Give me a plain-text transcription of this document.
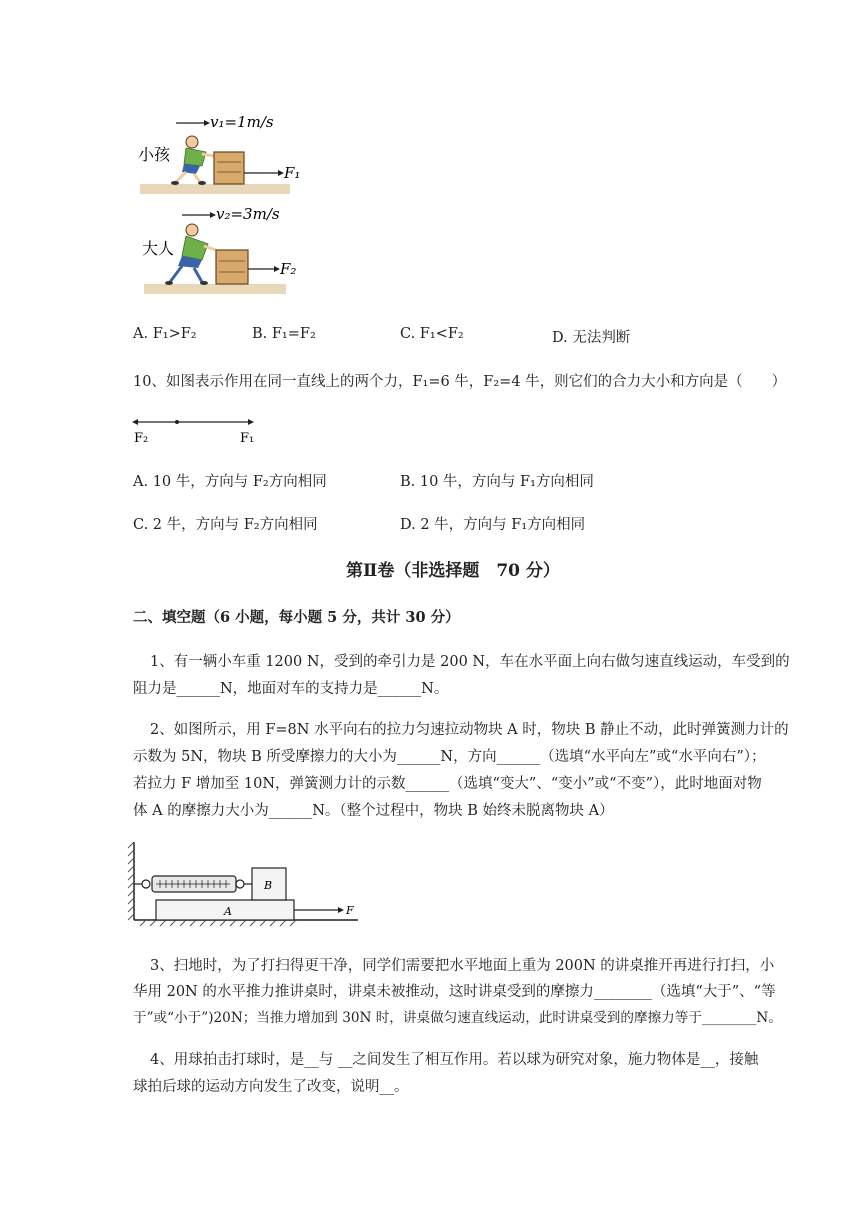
v₁=1m/s
小孩
F₁
v₂=3m/s
大人
F₂
A. F₁>F₂	B. F₁=F₂	C. F₁<F₂	D. 无法判断
10、如图表示作用在同一直线上的两个力，F₁=6 牛，F₂=4 牛，则它们的合力大小和方向是（　　）
F₂	F₁
A. 10 牛，方向与 F₂方向相同	B. 10 牛，方向与 F₁方向相同
C. 2 牛，方向与 F₂方向相同	D. 2 牛，方向与 F₁方向相同
第Ⅱ卷（非选择题　70 分）
二、填空题（6 小题，每小题 5 分，共计 30 分）
1、有一辆小车重 1200 N，受到的牵引力是 200 N，车在水平面上向右做匀速直线运动，车受到的
阻力是______N，地面对车的支持力是______N。
2、如图所示，用 F=8N 水平向右的拉力匀速拉动物块 A 时，物块 B 静止不动，此时弹簧测力计的
示数为 5N，物块 B 所受摩擦力的大小为______N，方向______（选填“水平向左”或“水平向右”）；
若拉力 F 增加至 10N，弹簧测力计的示数______（选填“变大”、“变小”或“不变”），此时地面对物
体 A 的摩擦力大小为______N。（整个过程中，物块 B 始终未脱离物块 A）
A
B
F
3、扫地时，为了打扫得更干净，同学们需要把水平地面上重为 200N 的讲桌推开再进行打扫，小
华用 20N 的水平推力推讲桌时，讲桌未被推动，这时讲桌受到的摩擦力________（选填“大于”、“等
于”或“小于”)20N；当推力增加到 30N 时，讲桌做匀速直线运动，此时讲桌受到的摩擦力等于________N。
4、用球拍击打球时，是__与 __之间发生了相互作用。若以球为研究对象，施力物体是__，接触
球拍后球的运动方向发生了改变，说明__。
